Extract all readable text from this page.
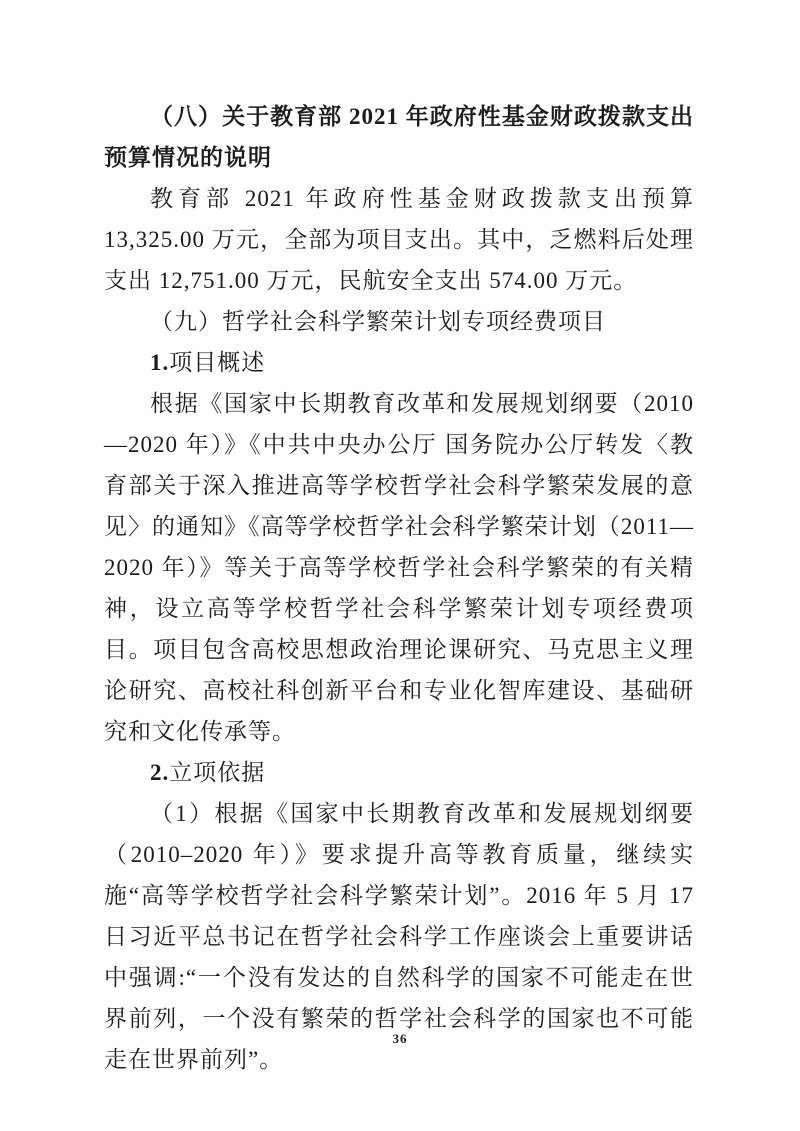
（八）关于教育部 2021 年政府性基金财政拨款支出预算情况的说明

教育部 2021 年政府性基金财政拨款支出预算 13,325.00 万元，全部为项目支出。其中，乏燃料后处理支出 12,751.00 万元，民航安全支出 574.00 万元。

（九）哲学社会科学繁荣计划专项经费项目

1.项目概述

根据《国家中长期教育改革和发展规划纲要（2010—2020 年）》《中共中央办公厅 国务院办公厅转发〈教育部关于深入推进高等学校哲学社会科学繁荣发展的意见〉的通知》《高等学校哲学社会科学繁荣计划（2011—2020 年）》等关于高等学校哲学社会科学繁荣的有关精神，设立高等学校哲学社会科学繁荣计划专项经费项目。项目包含高校思想政治理论课研究、马克思主义理论研究、高校社科创新平台和专业化智库建设、基础研究和文化传承等。

2.立项依据

（1）根据《国家中长期教育改革和发展规划纲要（2010–2020 年）》要求提升高等教育质量，继续实施“高等学校哲学社会科学繁荣计划”。2016 年 5 月 17 日习近平总书记在哲学社会科学工作座谈会上重要讲话中强调:“一个没有发达的自然科学的国家不可能走在世界前列，一个没有繁荣的哲学社会科学的国家也不可能走在世界前列”。

36
